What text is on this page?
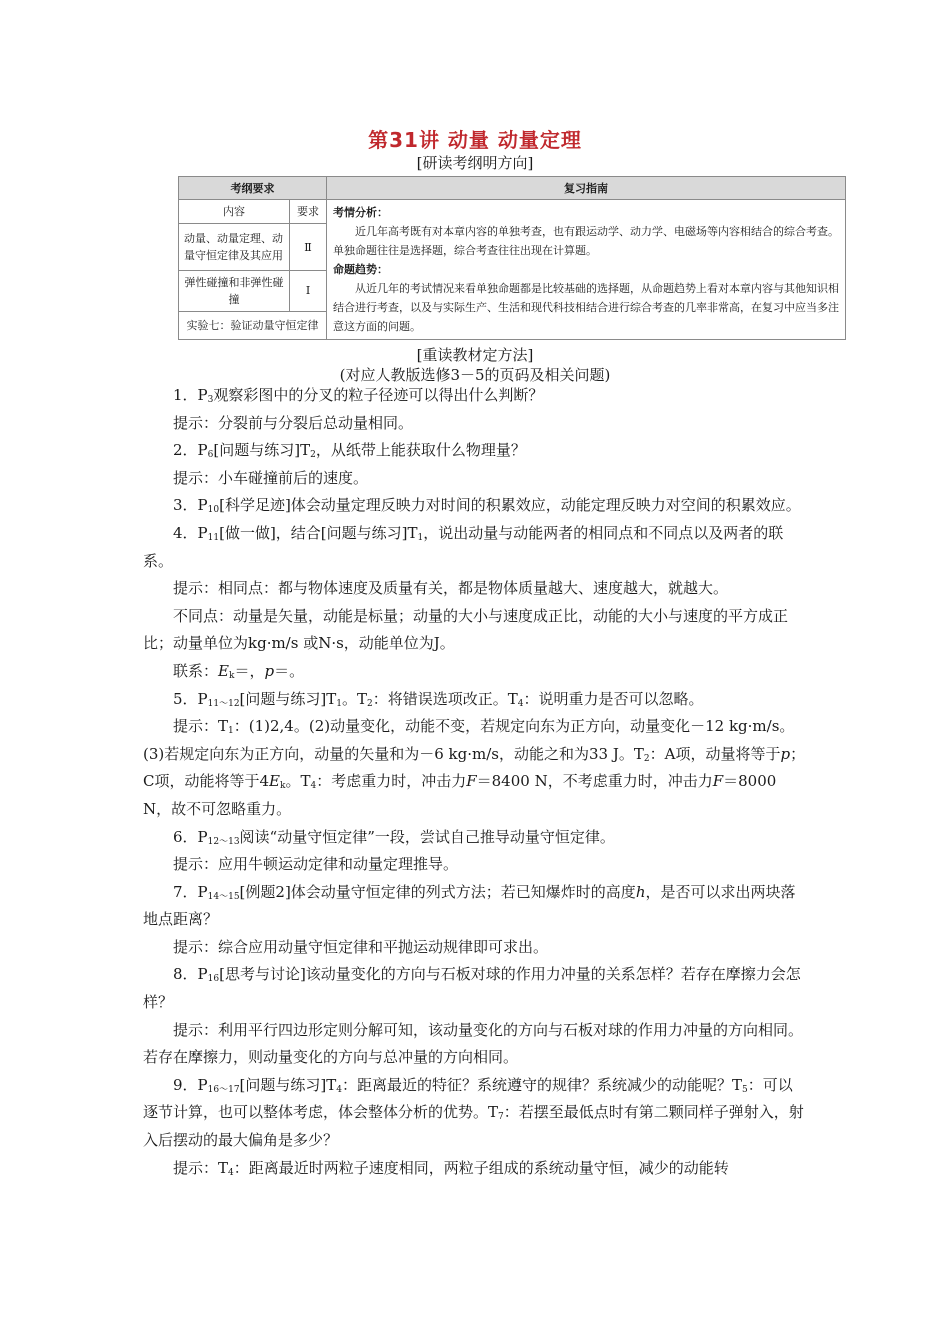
第31讲 动量 动量定理
[研读考纲明方向]
考纲要求		复习指南
内容	要求	考情分析：

近几年高考既有对本章内容的单独考查，也有跟运动学、动力学、电磁场等内容相结合的综合考查。单独命题往往是选择题，综合考查往往出现在计算题。

命题趋势：

从近几年的考试情况来看单独命题都是比较基础的选择题，从命题趋势上看对本章内容与其他知识相结合进行考查，以及与实际生产、生活和现代科技相结合进行综合考查的几率非常高，在复习中应当多注意这方面的问题。

动量、动量定理、动量守恒定律及其应用	Ⅱ	
弹性碰撞和非弹性碰撞	Ⅰ	
实验七：验证动量守恒定律		
[重读教材定方法]
(对应人教版选修3－5的页码及相关问题)

1．$P_3$观察彩图中的分叉的粒子径迹可以得出什么判断？

提示：分裂前与分裂后总动量相同。

2．$P_6$[问题与练习]$T_2$，从纸带上能获取什么物理量？

提示：小车碰撞前后的速度。

3．$P_{10}$[科学足迹]体会动量定理反映力对时间的积累效应，动能定理反映力对空间的积累效应。

4．$P_{11}$[做一做]，结合[问题与练习]$T_1$，说出动量与动能两者的相同点和不同点以及两者的联系。

提示：相同点：都与物体速度及质量有关，都是物体质量越大、速度越大，就越大。

不同点：动量是矢量，动能是标量；动量的大小与速度成正比，动能的大小与速度的平方成正比；动量单位为kg·m/s 或N·s，动能单位为J。

联系：$E_k=$，p＝。

5．$P_{11\sim 12}$[问题与练习]$T_1$。$T_2$：将错误选项改正。$T_4$：说明重力是否可以忽略。

提示：$T_1$：(1)2,4。(2)动量变化，动能不变，若规定向东为正方向，动量变化－12 kg·m/s。(3)若规定向东为正方向，动量的矢量和为－6 kg·m/s，动能之和为33 J。$T_2$：A项，动量将等于p；C项，动能将等于$4E_k$。$T_4$：考虑重力时，冲击力F＝8400 N，不考虑重力时，冲击力F＝8000 N，故不可忽略重力。

6．$P_{12\sim 13}$阅读“动量守恒定律”一段，尝试自己推导动量守恒定律。

提示：应用牛顿运动定律和动量定理推导。

7．$P_{14\sim 15}$[例题2]体会动量守恒定律的列式方法；若已知爆炸时的高度h，是否可以求出两块落地点距离？

提示：综合应用动量守恒定律和平抛运动规律即可求出。

8．$P_{16}$[思考与讨论]该动量变化的方向与石板对球的作用力冲量的关系怎样？若存在摩擦力会怎样？

提示：利用平行四边形定则分解可知，该动量变化的方向与石板对球的作用力冲量的方向相同。若存在摩擦力，则动量变化的方向与总冲量的方向相同。

9．$P_{16\sim 17}$[问题与练习]$T_4$：距离最近的特征？系统遵守的规律？系统减少的动能呢？$T_5$：可以逐节计算，也可以整体考虑，体会整体分析的优势。$T_7$：若摆至最低点时有第二颗同样子弹射入，射入后摆动的最大偏角是多少？

提示：$T_4$：距离最近时两粒子速度相同，两粒子组成的系统动量守恒，减少的动能转
